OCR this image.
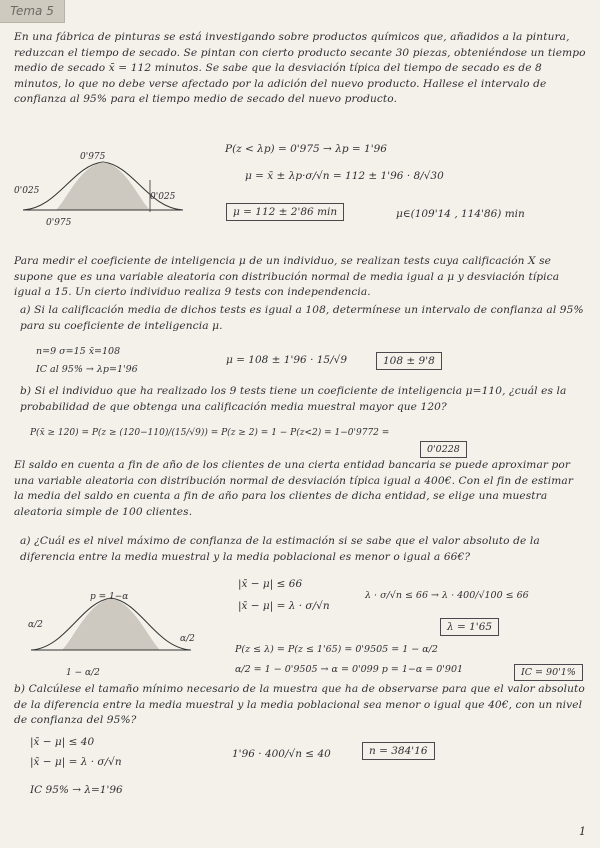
Tema 5
En una fábrica de pinturas se está investigando sobre productos químicos que, añadidos a la pintura, reduzcan el tiempo de secado. Se pintan con cierto producto secante 30 piezas, obteniéndose un tiempo medio de secado x̄ = 112 minutos. Se sabe que la desviación típica del tiempo de secado es de 8 minutos, lo que no debe verse afectado por la adición del nuevo producto. Hallese el intervalo de confianza al 95% para el tiempo medio de secado del nuevo producto.
0'975
0'025
0'025
0'975
P(z < λp) = 0'975 → λp = 1'96
μ = x̄ ± λp·σ/√n = 112 ± 1'96 · 8/√30
μ = 112 ± 2'86 min	μ∈(109'14 , 114'86) min
Para medir el coeficiente de inteligencia μ de un individuo, se realizan tests cuya calificación X se supone que es una variable aleatoria con distribución normal de media igual a μ y desviación típica igual a 15. Un cierto individuo realiza 9 tests con independencia.
a) Si la calificación media de dichos tests es igual a 108, determínese un intervalo de confianza al 95% para su coeficiente de inteligencia μ.
n=9 σ=15 x̄=108
IC al 95% → λp=1'96
μ = 108 ± 1'96 · 15/√9	108 ± 9'8
b) Si el individuo que ha realizado los 9 tests tiene un coeficiente de inteligencia μ=110, ¿cuál es la probabilidad de que obtenga una calificación media muestral mayor que 120?
P(x̄ ≥ 120) = P(z ≥ (120−110)/(15/√9)) = P(z ≥ 2) = 1 − P(z<2) = 1−0'9772 =
0'0228
El saldo en cuenta a fin de año de los clientes de una cierta entidad bancaria se puede aproximar por una variable aleatoria con distribución normal de desviación típica igual a 400€. Con el fin de estimar la media del saldo en cuenta a fin de año para los clientes de dicha entidad, se elige una muestra aleatoria simple de 100 clientes.
a) ¿Cuál es el nivel máximo de confianza de la estimación si se sabe que el valor absoluto de la diferencia entre la media muestral y la media poblacional es menor o igual a 66€?
|x̄ − μ| ≤ 66
|x̄ − μ| = λ · σ/√n
λ · σ/√n ≤ 66 → λ · 400/√100 ≤ 66
λ = 1'65
P(z ≤ λ) = P(z ≤ 1'65) = 0'9505 = 1 − α/2
α/2 = 1 − 0'9505 → α = 0'099 p = 1−α = 0'901	IC = 90'1%
p = 1−α
α/2
α/2
1 − α/2
b) Calcúlese el tamaño mínimo necesario de la muestra que ha de observarse para que el valor absoluto de la diferencia entre la media muestral y la media poblacional sea menor o igual que 40€, con un nivel de confianza del 95%?
|x̄ − μ| ≤ 40
|x̄ − μ| = λ · σ/√n
IC 95% → λ=1'96
1'96 · 400/√n ≤ 40	n = 384'16
1
